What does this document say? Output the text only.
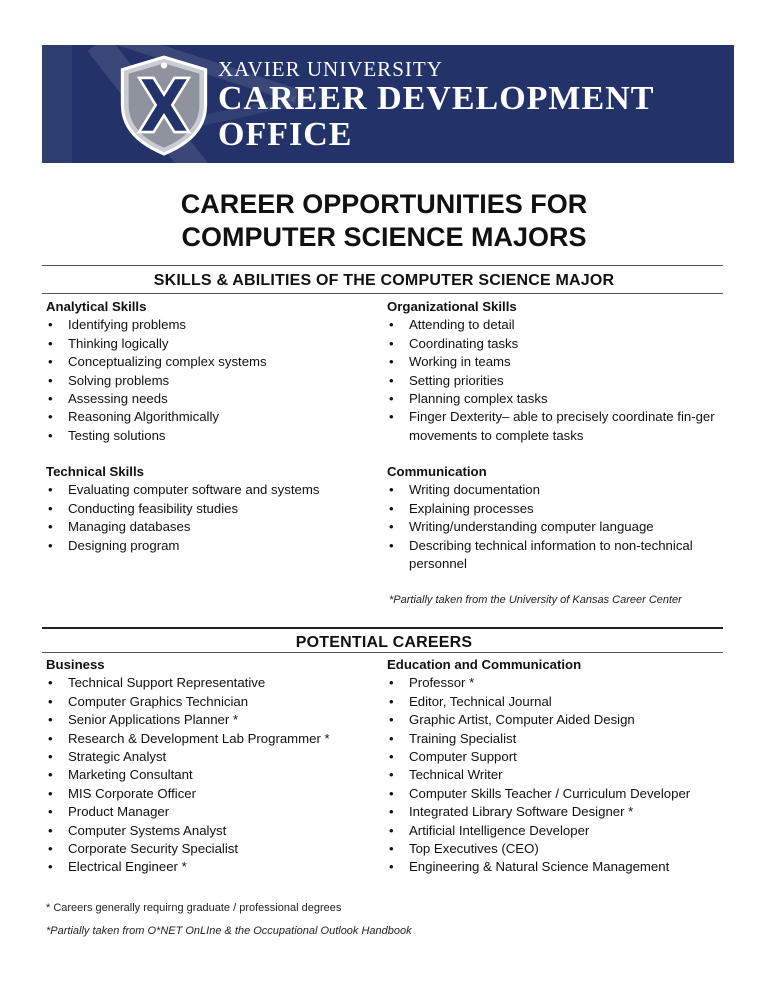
XAVIER UNIVERSITY
CAREER DEVELOPMENT
OFFICE
CAREER OPPORTUNITIES FOR
COMPUTER SCIENCE MAJORS
SKILLS & ABILITIES OF THE COMPUTER SCIENCE MAJOR
Analytical Skills
• Identifying problems
• Thinking logically
• Conceptualizing complex systems
• Solving problems
• Assessing needs
• Reasoning Algorithmically
• Testing solutions
Organizational Skills
• Attending to detail
• Coordinating tasks
• Working in teams
• Setting priorities
• Planning complex tasks
• Finger Dexterity– able to precisely coordinate fin-ger movements to complete tasks
Technical Skills
• Evaluating computer software and systems
• Conducting feasibility studies
• Managing databases
• Designing program
Communication
• Writing documentation
• Explaining processes
• Writing/understanding computer language
• Describing technical information to non-technical personnel
*Partially taken from the University of Kansas Career Center
POTENTIAL CAREERS
Business
• Technical Support Representative
• Computer Graphics Technician
• Senior Applications Planner *
• Research & Development Lab Programmer *
• Strategic Analyst
• Marketing Consultant
• MIS Corporate Officer
• Product Manager
• Computer Systems Analyst
• Corporate Security Specialist
• Electrical Engineer *
Education and Communication
• Professor *
• Editor, Technical Journal
• Graphic Artist, Computer Aided Design
• Training Specialist
• Computer Support
• Technical Writer
• Computer Skills Teacher / Curriculum Developer
• Integrated Library Software Designer *
• Artificial Intelligence Developer
• Top Executives (CEO)
• Engineering & Natural Science Management
* Careers generally requirng graduate / professional degrees
*Partially taken from O*NET OnLIne & the Occupational Outlook Handbook
